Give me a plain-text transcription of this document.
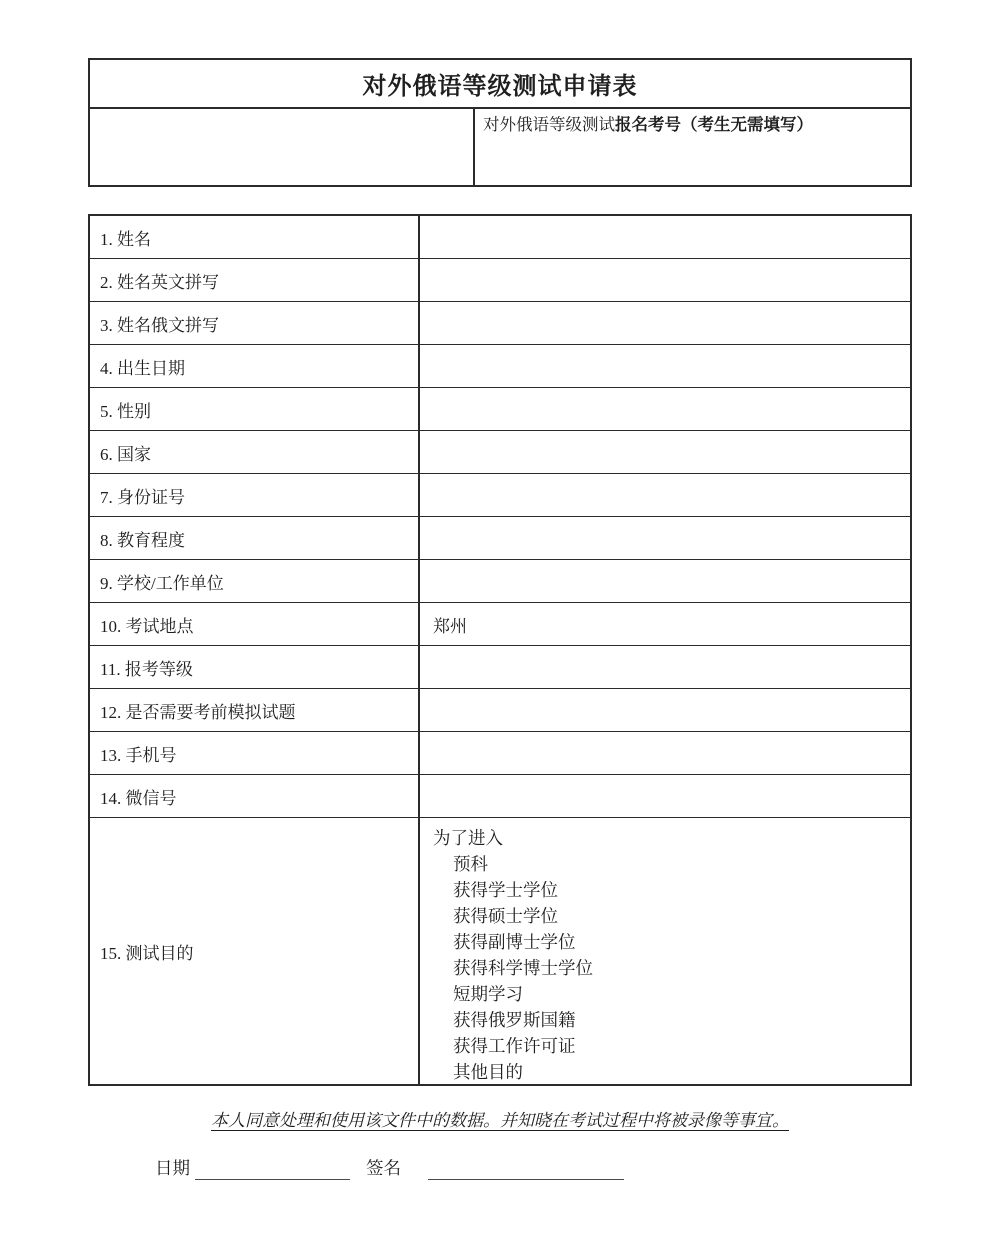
对外俄语等级测试申请表
对外俄语等级测试报名考号（考生无需填写）
1. 姓名
2. 姓名英文拼写
3. 姓名俄文拼写
4. 出生日期
5. 性别
6. 国家
7. 身份证号
8. 教育程度
9. 学校/工作单位
10. 考试地点	郑州
11. 报考等级
12. 是否需要考前模拟试题
13. 手机号
14. 微信号
15. 测试目的
为了进入
预科
获得学士学位
获得硕士学位
获得副博士学位
获得科学博士学位
短期学习
获得俄罗斯国籍
获得工作许可证
其他目的
本人同意处理和使用该文件中的数据。并知晓在考试过程中将被录像等事宜。
日期	签名
